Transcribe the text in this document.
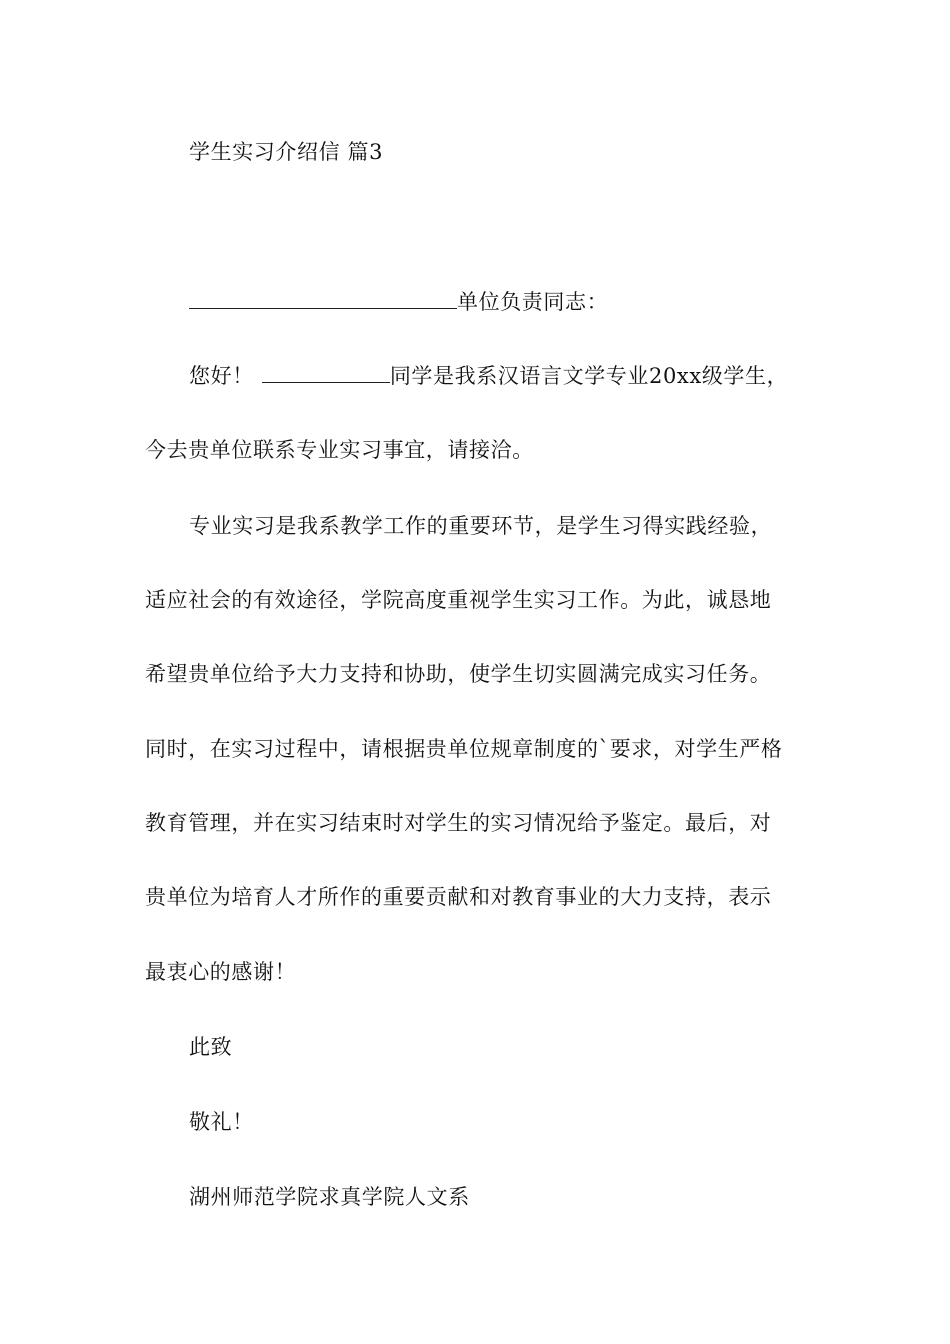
学生实习介绍信 篇3
单位负责同志：
您好！	同学是我系汉语言文学专业20xx级学生，
今去贵单位联系专业实习事宜，请接洽。
专业实习是我系教学工作的重要环节，是学生习得实践经验，
适应社会的有效途径，学院高度重视学生实习工作。为此，诚恳地
希望贵单位给予大力支持和协助，使学生切实圆满完成实习任务。
同时，在实习过程中，请根据贵单位规章制度的`要求，对学生严格
教育管理，并在实习结束时对学生的实习情况给予鉴定。最后，对
贵单位为培育人才所作的重要贡献和对教育事业的大力支持，表示
最衷心的感谢！
此致
敬礼！
湖州师范学院求真学院人文系
